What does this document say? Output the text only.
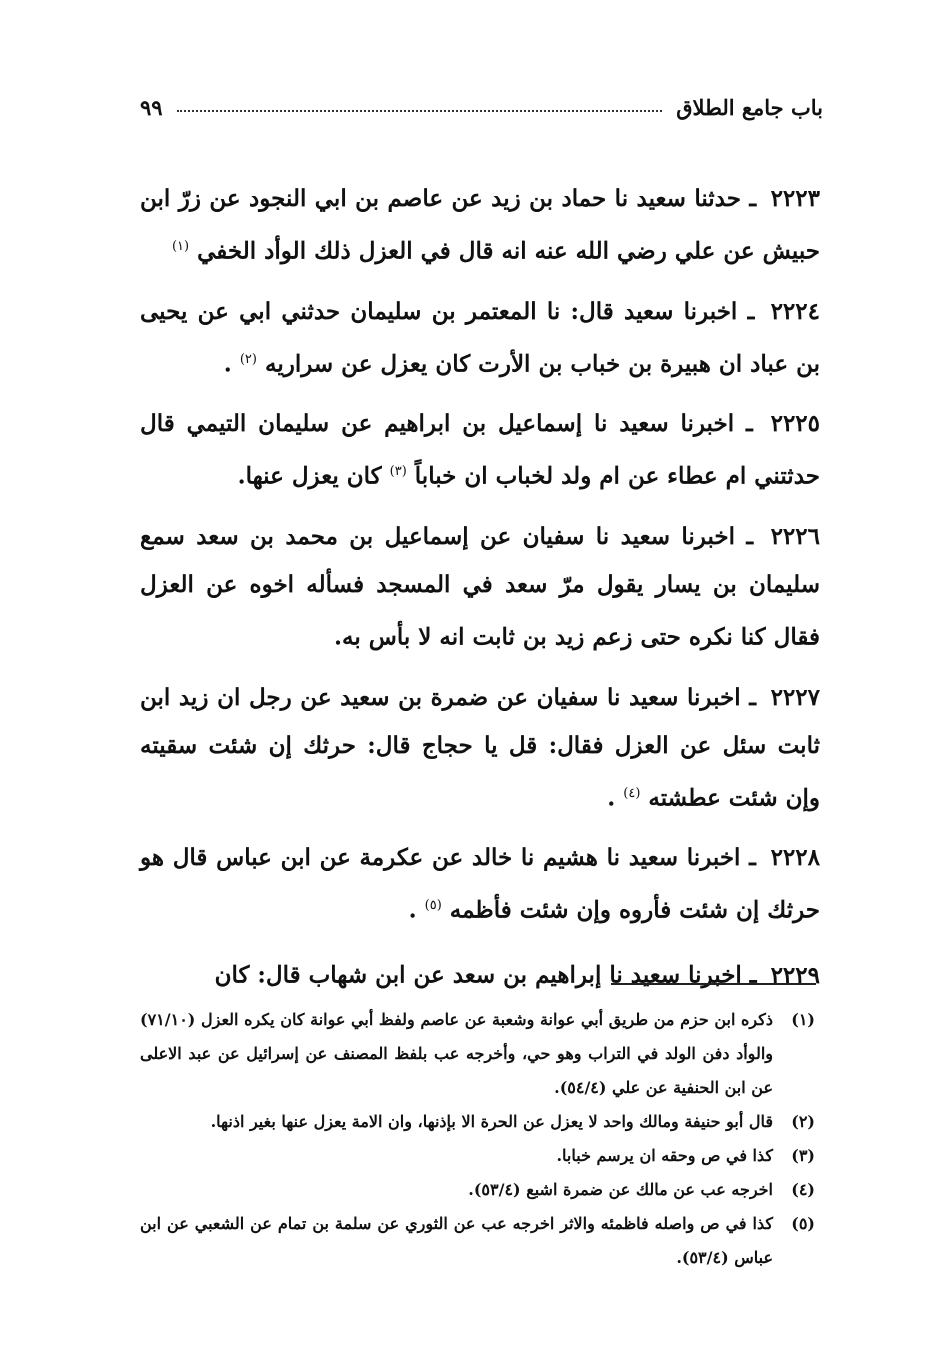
باب جامع الطلاق
٩٩

٢٢٢٣ ـ حدثنا سعيد نا حماد بن زيد عن عاصم بن ابي النجود عن زرّ ابن حبيش عن علي رضي الله عنه انه قال في العزل ذلك الوأد الخفي $^{(١)}$

٢٢٢٤ ـ اخبرنا سعيد قال: نا المعتمر بن سليمان حدثني ابي عن يحيى بن عباد ان هبيرة بن خباب بن الأرت كان يعزل عن سراريه $^{(٢)}$ .

٢٢٢٥ ـ اخبرنا سعيد نا إسماعيل بن ابراهيم عن سليمان التيمي قال حدثتني ام عطاء عن ام ولد لخباب ان خباباً $^{(٣)}$ كان يعزل عنها.

٢٢٢٦ ـ اخبرنا سعيد نا سفيان عن إسماعيل بن محمد بن سعد سمع سليمان بن يسار يقول مرّ سعد في المسجد فسأله اخوه عن العزل فقال كنا نكره حتى زعم زيد بن ثابت انه لا بأس به.

٢٢٢٧ ـ اخبرنا سعيد نا سفيان عن ضمرة بن سعيد عن رجل ان زيد ابن ثابت سئل عن العزل فقال: قل يا حجاج قال: حرثك إن شئت سقيته وإن شئت عطشته $^{(٤)}$ .

٢٢٢٨ ـ اخبرنا سعيد نا هشيم نا خالد عن عكرمة عن ابن عباس قال هو حرثك إن شئت فأروه وإن شئت فأظمه $^{(٥)}$ .

٢٢٢٩ ـ اخبرنا سعيد نا إبراهيم بن سعد عن ابن شهاب قال: كان

(١)
ذكره ابن حزم من طريق أبي عوانة وشعبة عن عاصم ولفظ أبي عوانة كان يكره العزل (٧١/١٠) والوأد دفن الولد في التراب وهو حي، وأخرجه عب بلفظ المصنف عن إسرائيل عن عبد الاعلى عن ابن الحنفية عن علي (٥٤/٤).
(٢)
قال أبو حنيفة ومالك واحد لا يعزل عن الحرة الا بإذنها، وان الامة يعزل عنها بغير اذنها.
(٣)
كذا في ص وحقه ان يرسم خبابا.
(٤)
اخرجه عب عن مالك عن ضمرة اشبع (٥٣/٤).
(٥)
كذا في ص واصله فاظمئه والاثر اخرجه عب عن الثوري عن سلمة بن تمام عن الشعبي عن ابن عباس (٥٣/٤).
